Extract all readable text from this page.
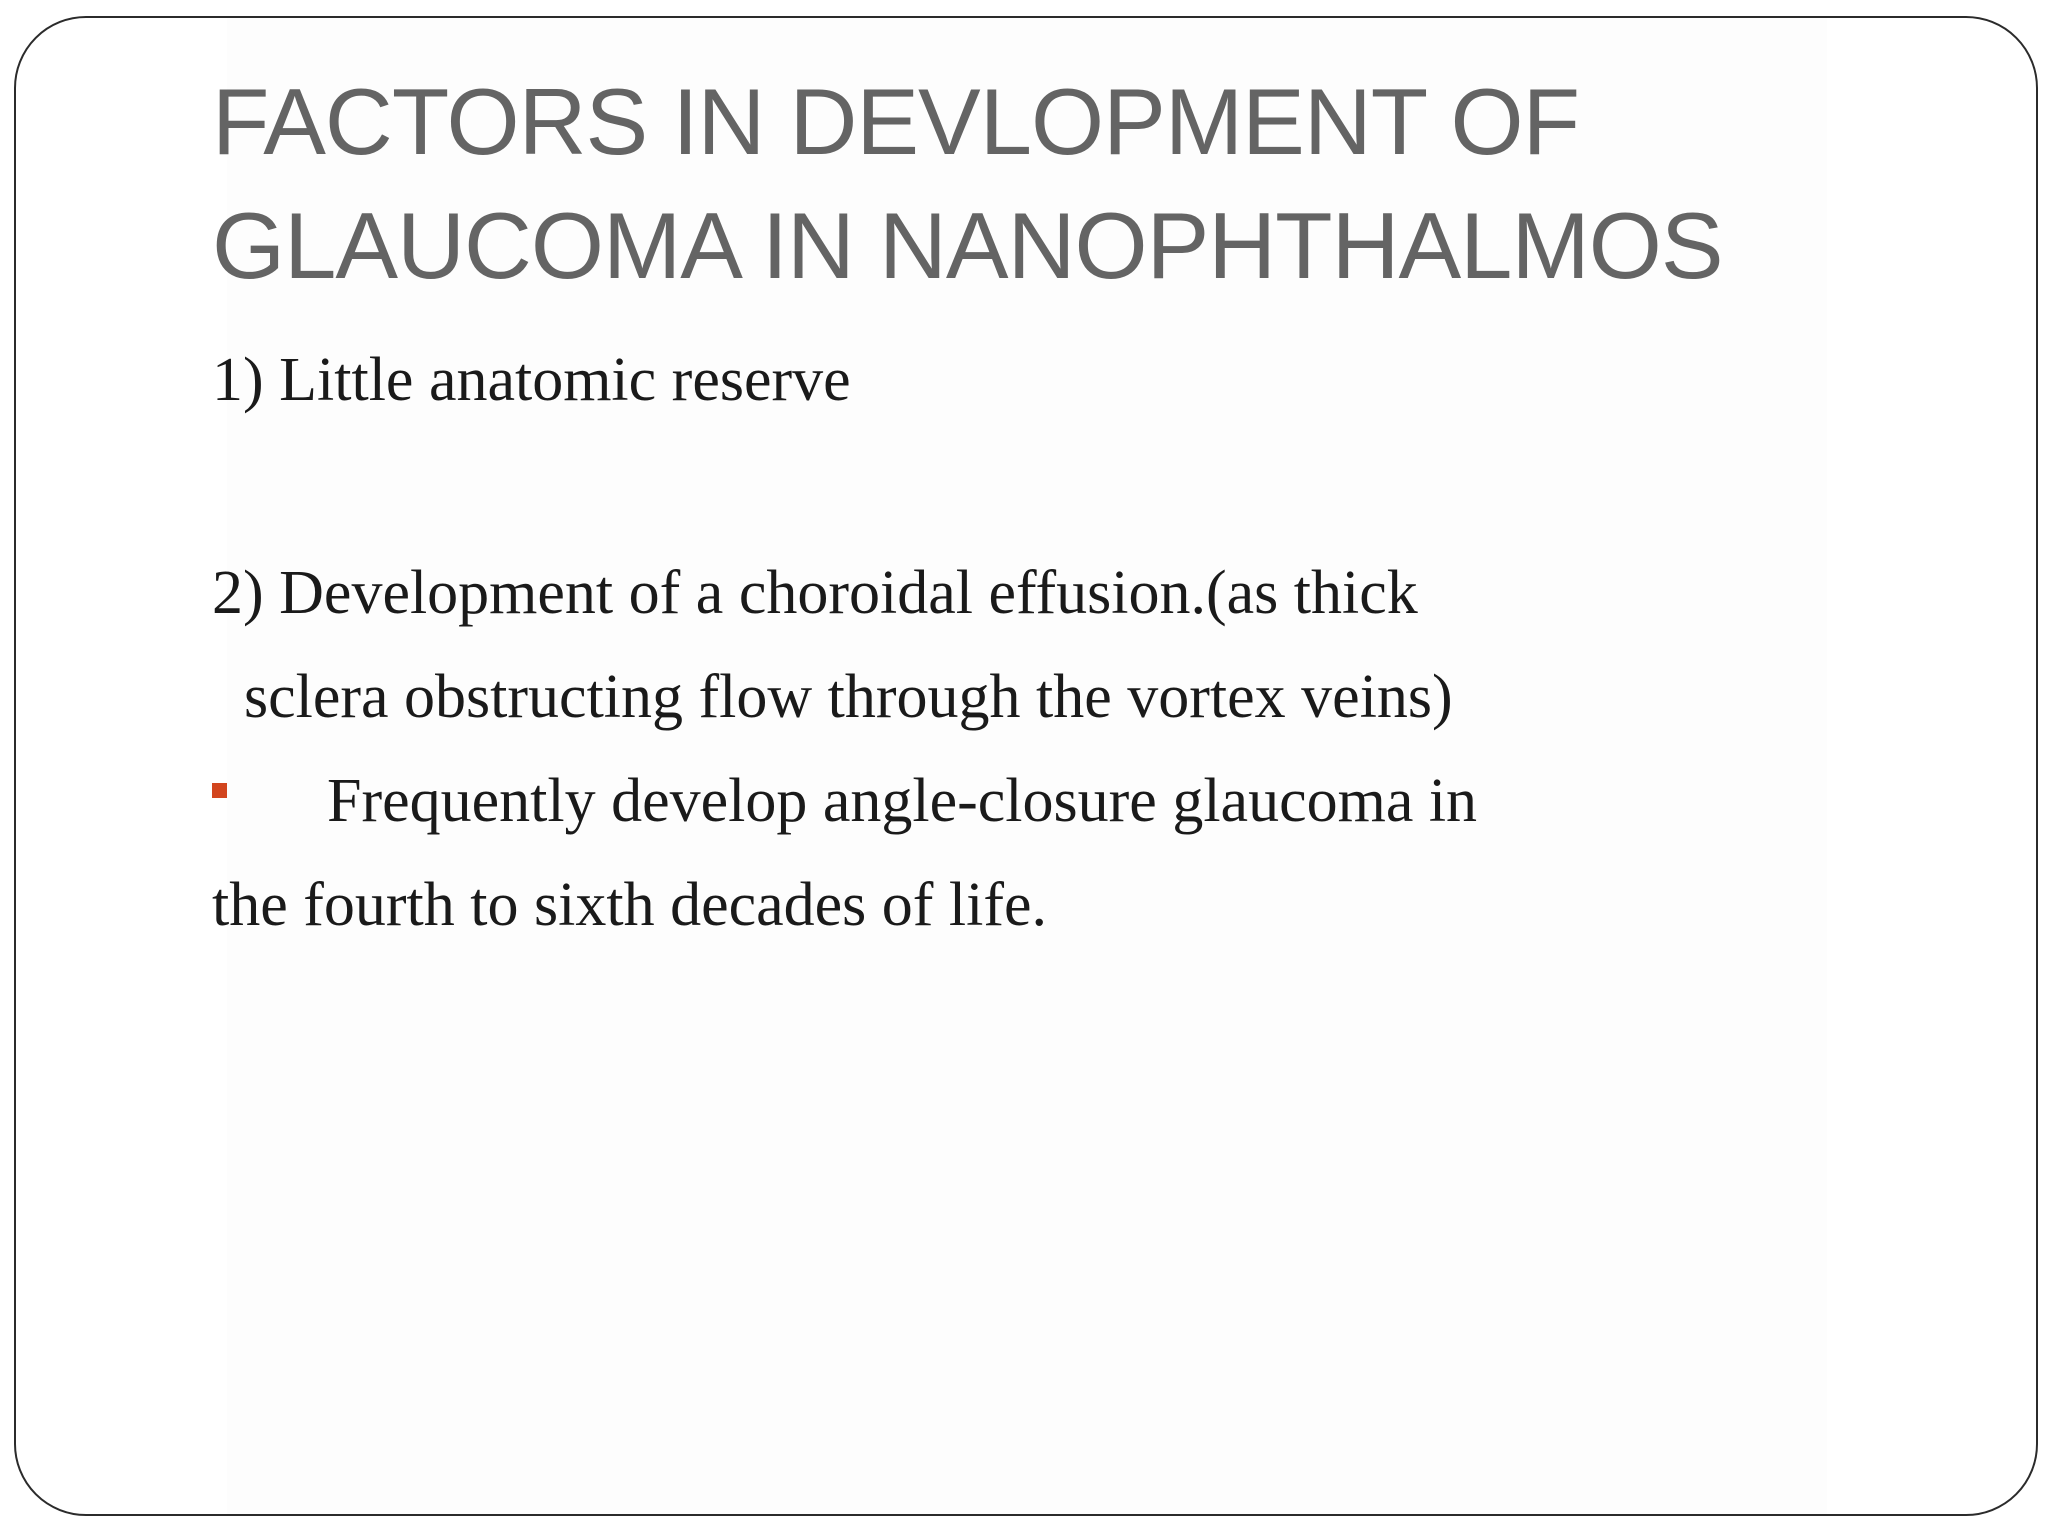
FACTORS IN DEVLOPMENT OF
GLAUCOMA IN NANOPHTHALMOS
1) Little anatomic reserve
2) Development of a choroidal effusion.(as thick
sclera obstructing flow through the vortex veins)
Frequently develop angle-closure glaucoma in
the fourth to sixth decades of life.
